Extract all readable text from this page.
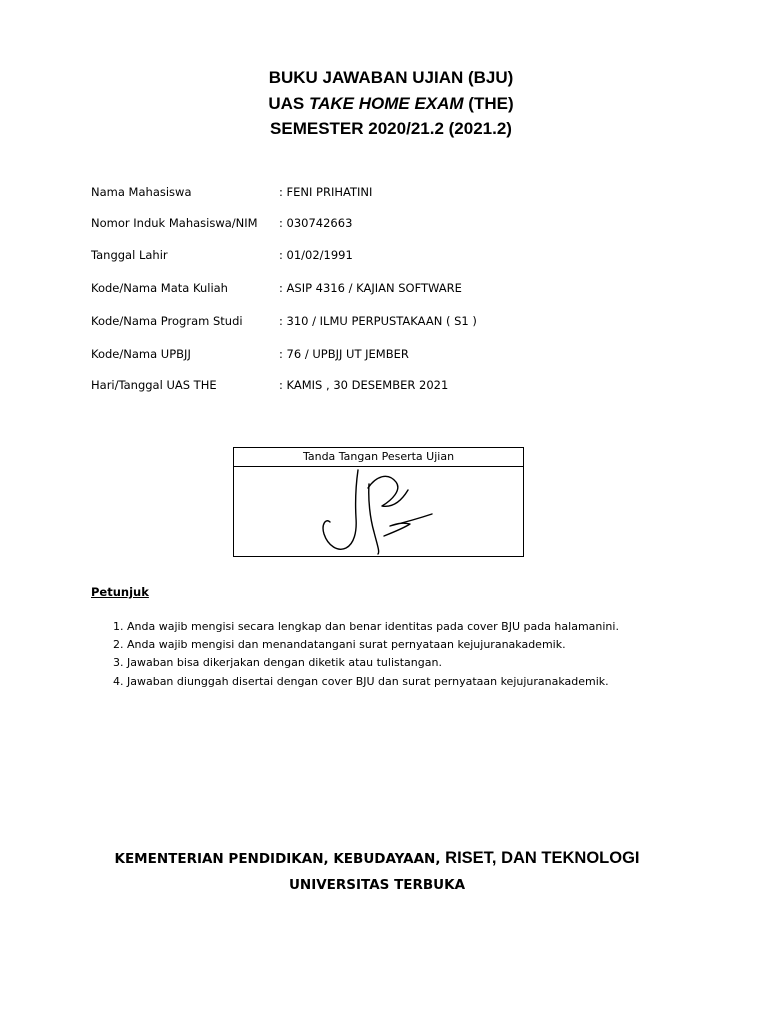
BUKU JAWABAN UJIAN (BJU)
UAS TAKE HOME EXAM (THE)
SEMESTER 2020/21.2 (2021.2)
Nama Mahasiswa	: FENI PRIHATINI
Nomor Induk Mahasiswa/NIM : 030742663
Tanggal Lahir	: 01/02/1991
Kode/Nama Mata Kuliah	: ASIP 4316 / KAJIAN SOFTWARE
Kode/Nama Program Studi	: 310 / ILMU PERPUSTAKAAN ( S1 )
Kode/Nama UPBJJ	: 76 / UPBJJ UT JEMBER
Hari/Tanggal UAS THE	: KAMIS , 30 DESEMBER 2021
Tanda Tangan Peserta Ujian
Petunjuk
1. Anda wajib mengisi secara lengkap dan benar identitas pada cover BJU pada halamanini.
2. Anda wajib mengisi dan menandatangani surat pernyataan kejujuranakademik.
3. Jawaban bisa dikerjakan dengan diketik atau tulistangan.
4. Jawaban diunggah disertai dengan cover BJU dan surat pernyataan kejujuranakademik.
KEMENTERIAN PENDIDIKAN, KEBUDAYAAN, RISET, DAN TEKNOLOGI
UNIVERSITAS TERBUKA
